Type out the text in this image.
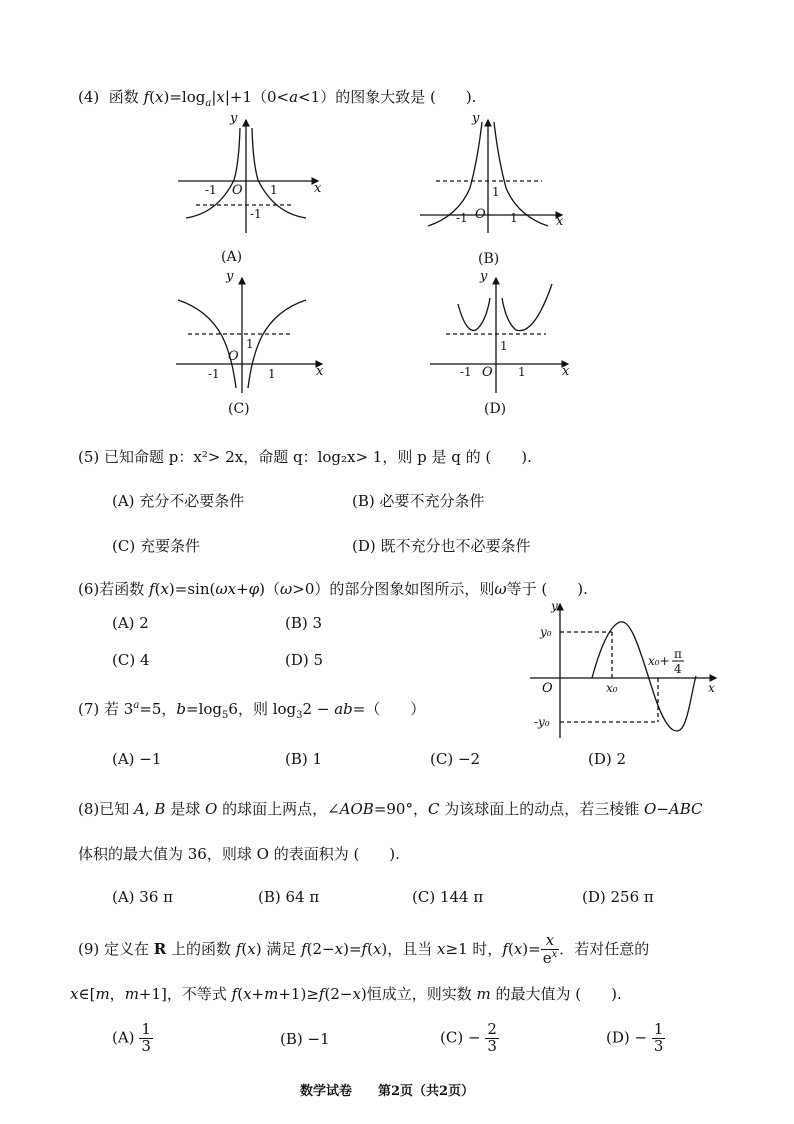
(4) 函数 $f(x)=\log_a|x|+1(0<a<1)$的图象大致是 (　　).
y
x
O
-1	1
-1
(A)
y
x
O
-1	1
1
(B)
y
x
O
-1	1
1
(C)
y
x
O
-1	1
1
(D)
(5) 已知命题 p：x²> 2x，命题 q：log₂x> 1，则 p 是 q 的 (　　).
(A) 充分不必要条件	(B) 必要不充分条件
(C) 充要条件	(D) 既不充分也不必要条件
(6)若函数 f(x)=sin(ωx+φ)（ω>0）的部分图象如图所示，则ω等于 (　　).
(A) 2	(B) 3
(C) 4	(D) 5
y
x
O
y₀
-y₀
x₀
x₀+ π
4
(7) 若 $3^a=5$，$b=\log_56$，则 $\log_32 - ab=$（　　）
(A) −1	(B) 1	(C) −2	(D) 2
(8)已知 A, B 是球 O 的球面上两点，∠AOB=90°，C 为该球面上的动点，若三棱锥 O−ABC
体积的最大值为 36，则球 O 的表面积为 (　　).
(A) 36 π	(B) 64 π	(C) 144 π	(D) 256 π
(9) 定义在 R 上的函数 f(x) 满足 f(2−x)=f(x)，且当 x≥1 时，$f(x)= \frac{x}{e^x}$ ．若对任意的
x∈[m，m+1]，不等式 f(x+m+1)≥f(2−x)恒成立，则实数 m 的最大值为 (　　).
$(A) \frac{1}{3}$	(B) −1	$(C) - \frac{2}{3}$	$(D) - \frac{1}{3}$
数学试卷　　第2页（共2页）
